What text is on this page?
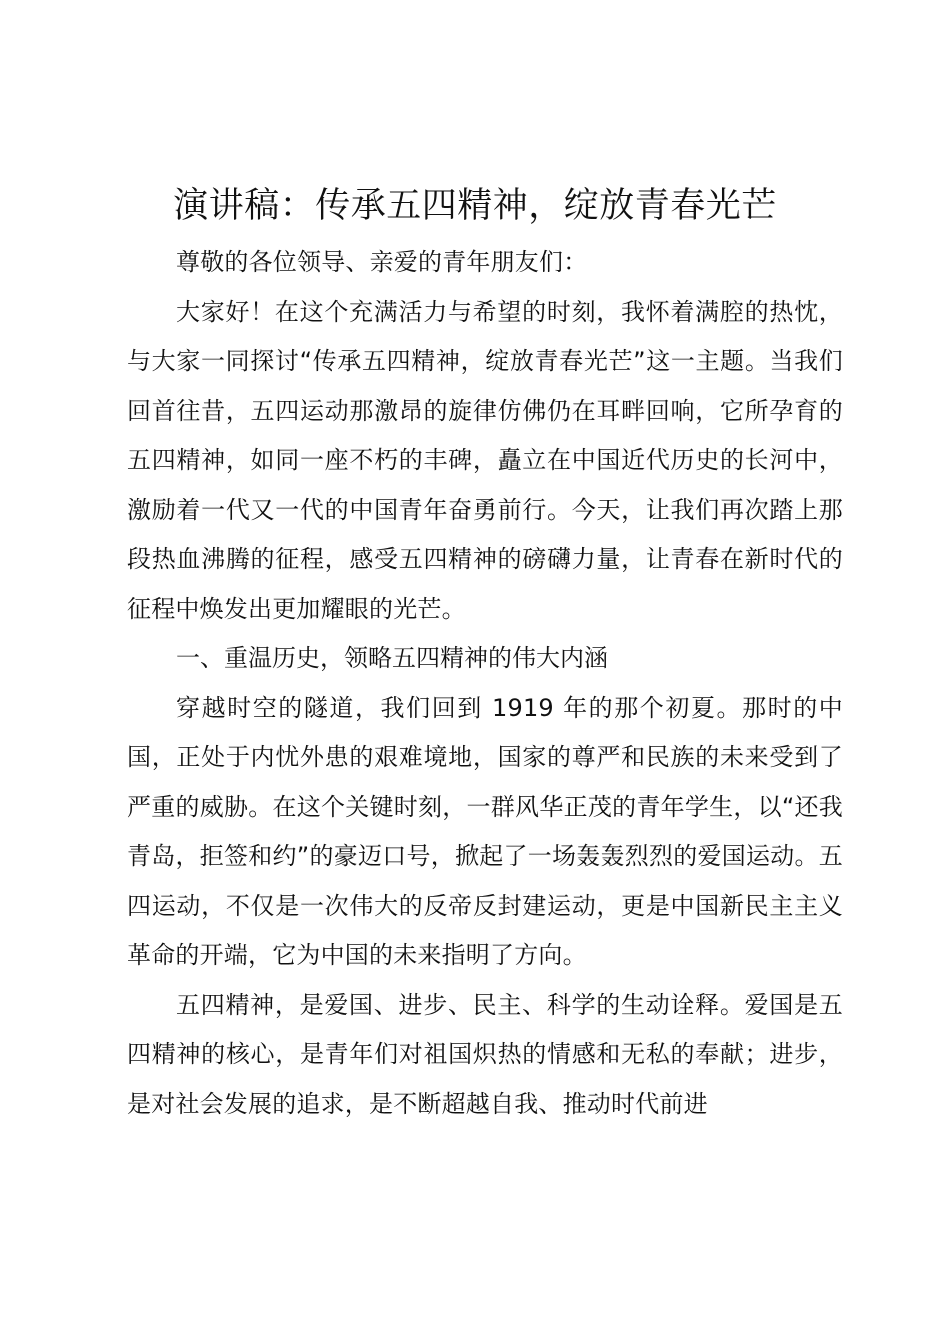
演讲稿：传承五四精神，绽放青春光芒

尊敬的各位领导、亲爱的青年朋友们：

大家好！在这个充满活力与希望的时刻，我怀着满腔的热忱，与大家一同探讨“传承五四精神，绽放青春光芒”这一主题。当我们回首往昔，五四运动那激昂的旋律仿佛仍在耳畔回响，它所孕育的五四精神，如同一座不朽的丰碑，矗立在中国近代历史的长河中，激励着一代又一代的中国青年奋勇前行。今天，让我们再次踏上那段热血沸腾的征程，感受五四精神的磅礴力量，让青春在新时代的征程中焕发出更加耀眼的光芒。

一、重温历史，领略五四精神的伟大内涵

穿越时空的隧道，我们回到 1919 年的那个初夏。那时的中国，正处于内忧外患的艰难境地，国家的尊严和民族的未来受到了严重的威胁。在这个关键时刻，一群风华正茂的青年学生，以“还我青岛，拒签和约”的豪迈口号，掀起了一场轰轰烈烈的爱国运动。五四运动，不仅是一次伟大的反帝反封建运动，更是中国新民主主义革命的开端，它为中国的未来指明了方向。

五四精神，是爱国、进步、民主、科学的生动诠释。爱国是五四精神的核心，是青年们对祖国炽热的情感和无私的奉献；进步，是对社会发展的追求，是不断超越自我、推动时代前进
